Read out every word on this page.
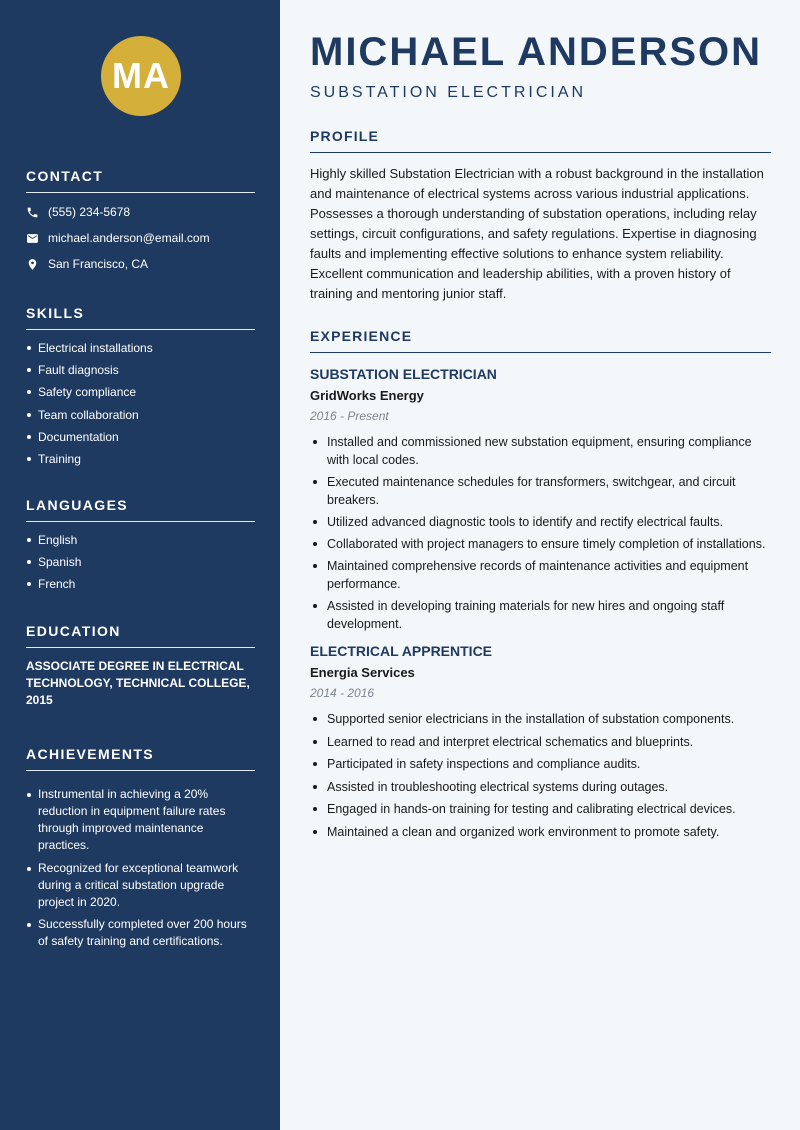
MA
CONTACT
(555) 234-5678
michael.anderson@email.com
San Francisco, CA
SKILLS
Electrical installations
Fault diagnosis
Safety compliance
Team collaboration
Documentation
Training
LANGUAGES
English
Spanish
French
EDUCATION
ASSOCIATE DEGREE IN ELECTRICAL TECHNOLOGY, TECHNICAL COLLEGE, 2015
ACHIEVEMENTS
Instrumental in achieving a 20% reduction in equipment failure rates through improved maintenance practices.
Recognized for exceptional teamwork during a critical substation upgrade project in 2020.
Successfully completed over 200 hours of safety training and certifications.
MICHAEL ANDERSON
SUBSTATION ELECTRICIAN
PROFILE
Highly skilled Substation Electrician with a robust background in the installation and maintenance of electrical systems across various industrial applications. Possesses a thorough understanding of substation operations, including relay settings, circuit configurations, and safety regulations. Expertise in diagnosing faults and implementing effective solutions to enhance system reliability. Excellent communication and leadership abilities, with a proven history of training and mentoring junior staff.
EXPERIENCE
SUBSTATION ELECTRICIAN
GridWorks Energy
2016 - Present
Installed and commissioned new substation equipment, ensuring compliance with local codes.
Executed maintenance schedules for transformers, switchgear, and circuit breakers.
Utilized advanced diagnostic tools to identify and rectify electrical faults.
Collaborated with project managers to ensure timely completion of installations.
Maintained comprehensive records of maintenance activities and equipment performance.
Assisted in developing training materials for new hires and ongoing staff development.
ELECTRICAL APPRENTICE
Energia Services
2014 - 2016
Supported senior electricians in the installation of substation components.
Learned to read and interpret electrical schematics and blueprints.
Participated in safety inspections and compliance audits.
Assisted in troubleshooting electrical systems during outages.
Engaged in hands-on training for testing and calibrating electrical devices.
Maintained a clean and organized work environment to promote safety.
